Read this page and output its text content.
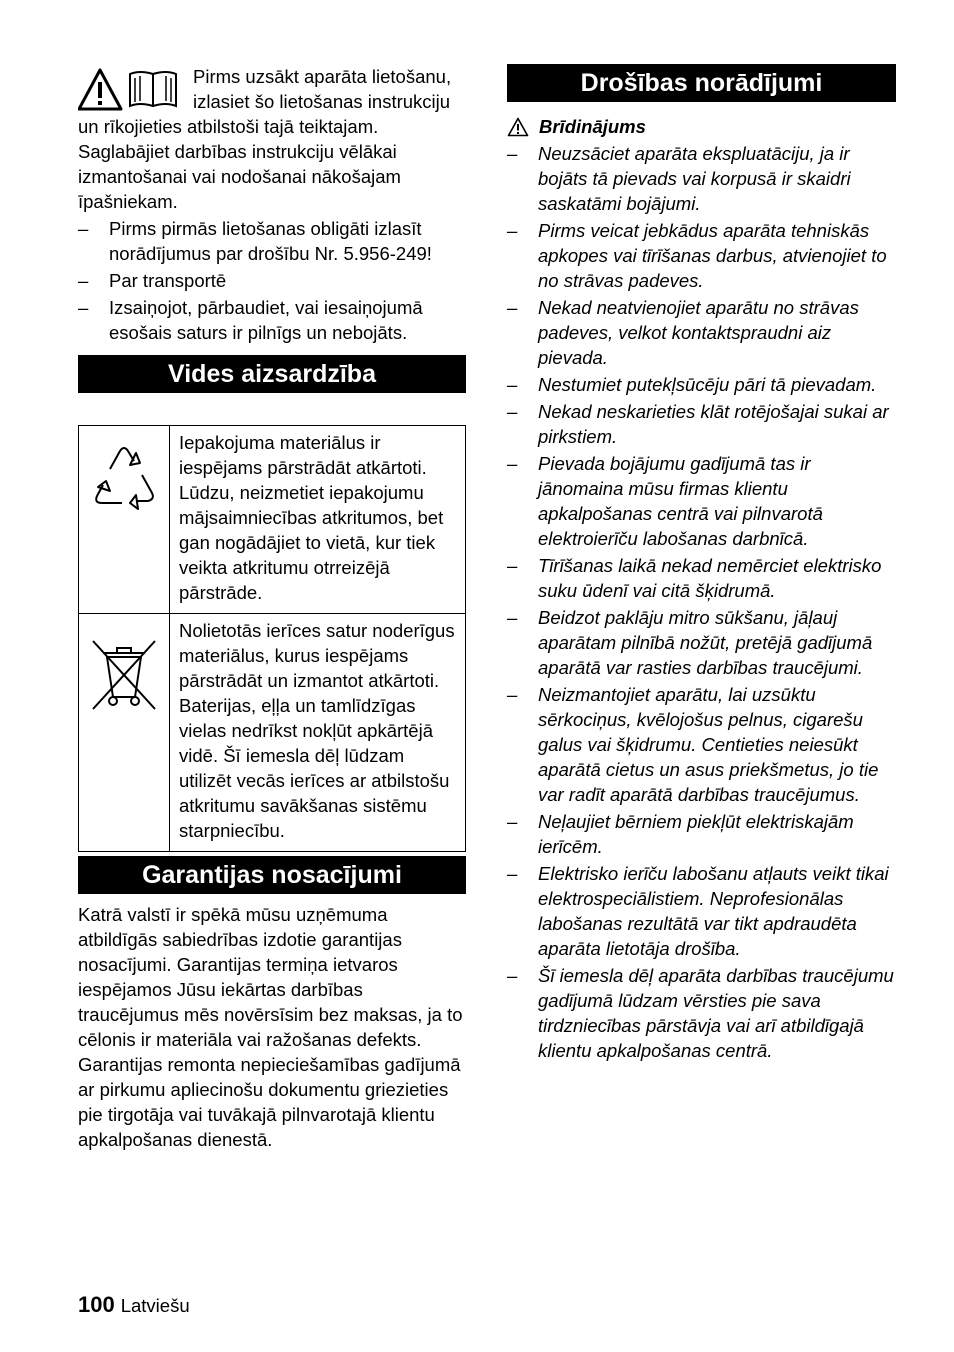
Pirms uzsākt aparāta lietošanu, izlasiet šo lietošanas instrukciju un rīkojieties atbilstoši tajā teiktajam. Saglabājiet darbības instrukciju vēlākai izmantošanai vai nodošanai nākošajam īpašniekam.

– Pirms pirmās lietošanas obligāti izlasīt norādījumus par drošību Nr. 5.956-249!
– Par transportē
– Izsaiņojot, pārbaudiet, vai iesaiņojumā esošais saturs ir pilnīgs un nebojāts.
Vides aizsardzība
	Iepakojuma materiālus ir iespējams pārstrādāt atkārtoti. Lūdzu, neizmetiet iepakojumu mājsaimniecības atkritumos, bet gan nogādājiet to vietā, kur tiek veikta atkritumu otrreizējā pārstrāde.
	Nolietotās ierīces satur noderīgus materiālus, kurus iespējams pārstrādāt un izmantot atkārtoti. Baterijas, eļļa un tamlīdzīgas vielas nedrīkst nokļūt apkārtējā vidē. Šī iemesla dēļ lūdzam utilizēt vecās ierīces ar atbilstošu atkritumu savākšanas sistēmu starpniecību.
Garantijas nosacījumi

Katrā valstī ir spēkā mūsu uzņēmuma atbildīgās sabiedrības izdotie garantijas nosacījumi. Garantijas termiņa ietvaros iespējamos Jūsu iekārtas darbības traucējumus mēs novērsīsim bez maksas, ja to cēlonis ir materiāla vai ražošanas defekts. Garantijas remonta nepieciešamības gadījumā ar pirkumu apliecinošu dokumentu griezieties pie tirgotāja vai tuvākajā pilnvarotajā klientu apkalpošanas dienestā.

Drošības norādījumi
Brīdinājums
– Neuzsāciet aparāta ekspluatāciju, ja ir bojāts tā pievads vai korpusā ir skaidri saskatāmi bojājumi.
– Pirms veicat jebkādus aparāta tehniskās apkopes vai tīrīšanas darbus, atvienojiet to no strāvas padeves.
– Nekad neatvienojiet aparātu no strāvas padeves, velkot kontaktspraudni aiz pievada.
– Nestumiet putekļsūcēju pāri tā pievadam.
– Nekad neskarieties klāt rotējošajai sukai ar pirkstiem.
– Pievada bojājumu gadījumā tas ir jānomaina mūsu firmas klientu apkalpošanas centrā vai pilnvarotā elektroierīču labošanas darbnīcā.
– Tīrīšanas laikā nekad nemērciet elektrisko suku ūdenī vai citā šķidrumā.
– Beidzot paklāju mitro sūkšanu, jāļauj aparātam pilnībā nožūt, pretējā gadījumā aparātā var rasties darbības traucējumi.
– Neizmantojiet aparātu, lai uzsūktu sērkociņus, kvēlojošus pelnus, cigarešu galus vai šķidrumu. Centieties neiesūkt aparātā cietus un asus priekšmetus, jo tie var radīt aparātā darbības traucējumus.
– Neļaujiet bērniem piekļūt elektriskajām ierīcēm.
– Elektrisko ierīču labošanu atļauts veikt tikai elektrospeciālistiem. Neprofesionālas labošanas rezultātā var tikt apdraudēta aparāta lietotāja drošība.
– Šī iemesla dēļ aparāta darbības traucējumu gadījumā lūdzam vērsties pie sava tirdzniecības pārstāvja vai arī atbildīgajā klientu apkalpošanas centrā.
100 Latviešu
